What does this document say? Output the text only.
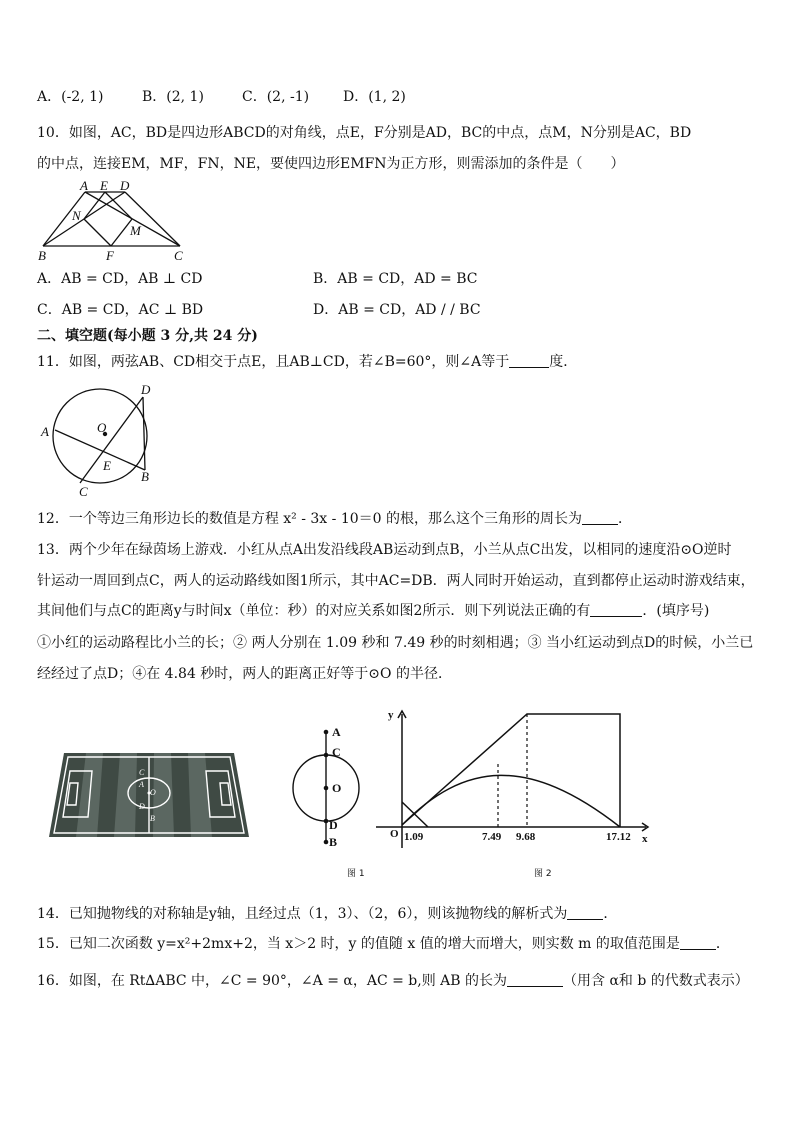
A．(-2, 1)	B．(2, 1)	C．(2, -1) D．(1, 2)
10．如图，AC，BD是四边形ABCD的对角线，点E，F分别是AD，BC的中点，点M，N分别是AC，BD
的中点，连接EM，MF，FN，NE，要使四边形EMFN为正方形，则需添加的条件是（　　）
A E D
N
M
B	F	C
A．AB = CD，AB ⊥ CD	B．AB = CD，AD = BC
C．AB = CD，AC ⊥ BD	D．AB = CD，AD / / BC
二、填空题(每小题 3 分,共 24 分)
11．如图，两弦AB、CD相交于点E，且AB⊥CD，若∠B=60°，则∠A等于	度．
D
A	O
E
B
C
12．一个等边三角形边长的数值是方程 x² - 3x - 10＝0 的根，那么这个三角形的周长为	．
13．两个少年在绿茵场上游戏．小红从点A出发沿线段AB运动到点B，小兰从点C出发，以相同的速度沿⊙O逆时
针运动一周回到点C，两人的运动路线如图1所示，其中AC=DB．两人同时开始运动，直到都停止运动时游戏结束，
其间他们与点C的距离y与时间x（单位：秒）的对应关系如图2所示．则下列说法正确的有	．(填序号)
①小红的运动路程比小兰的长；② 两人分别在 1.09 秒和 7.49 秒的时刻相遇；③ 当小红运动到点D的时候，小兰已
经经过了点D；④在 4.84 秒时，两人的距离正好等于⊙O 的半径．
C
A
O
D
B
A
C
O
D
B
y
x
O 1.09	7.49 9.68	17.12
图 1	图 2
14．已知抛物线的对称轴是y轴，且经过点（1，3）、（2，6），则该抛物线的解析式为	．
15．已知二次函数 y=x²+2mx+2，当 x＞2 时，y 的值随 x 值的增大而增大，则实数 m 的取值范围是	．
16．如图，在 Rt∆ABC 中，∠C = 90°，∠A = α，AC = b,则 AB 的长为	（用含 α和 b 的代数式表示）
